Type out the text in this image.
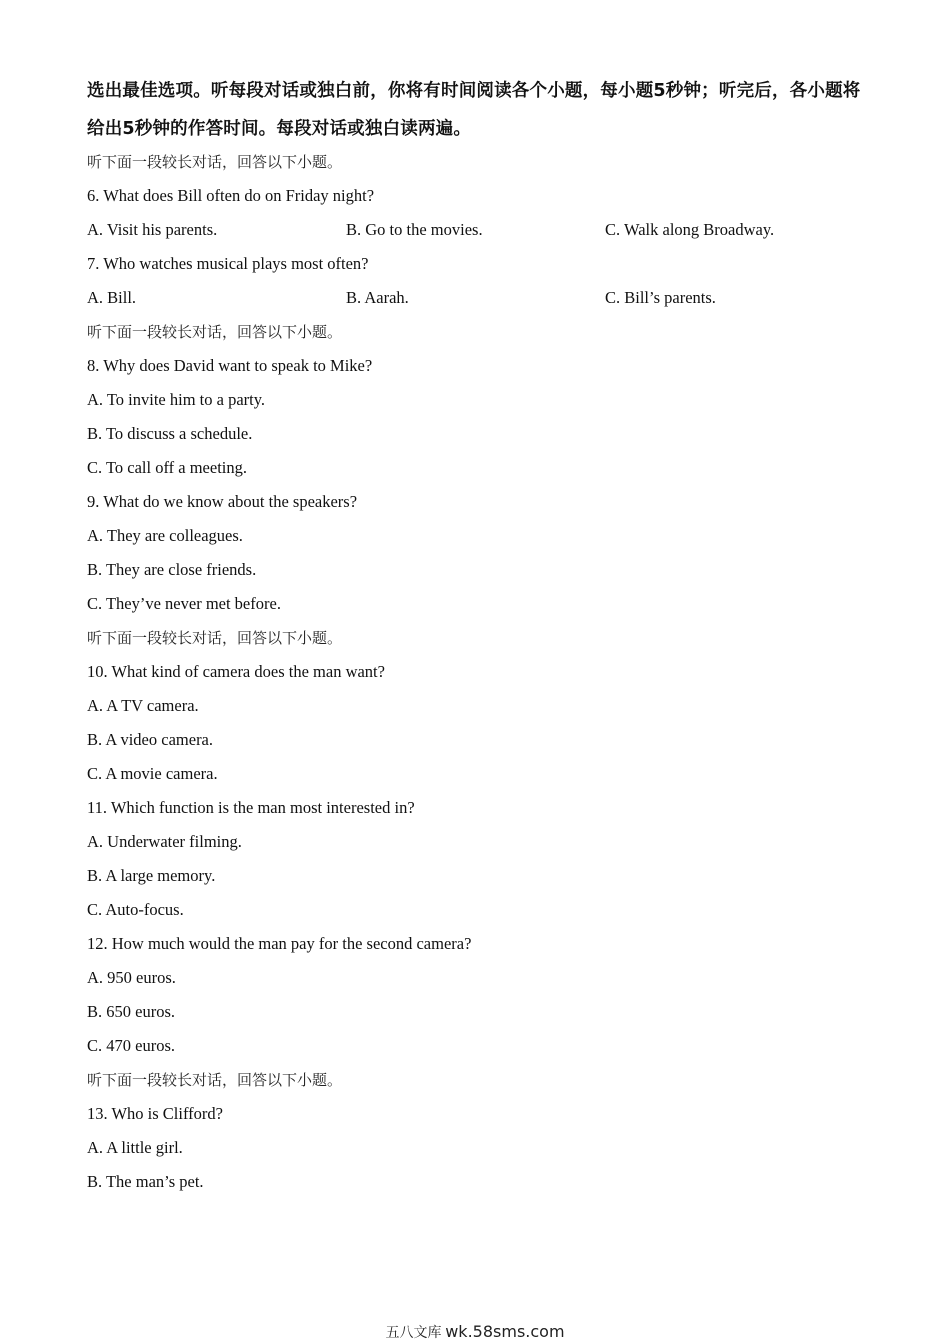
选出最佳选项。听每段对话或独白前，你将有时间阅读各个小题，每小题5秒钟；听完后，各小题将给出5秒钟的作答时间。每段对话或独白读两遍。

听下面一段较长对话，回答以下小题。
6. What does Bill often do on Friday night?
A. Visit his parents.	B. Go to the movies.	C. Walk along Broadway.
7. Who watches musical plays most often?
A. Bill.	B. Aarah.	C. Bill’s parents.
听下面一段较长对话，回答以下小题。
8. Why does David want to speak to Mike?
A. To invite him to a party.
B. To discuss a schedule.
C. To call off a meeting.
9. What do we know about the speakers?
A. They are colleagues.
B. They are close friends.
C. They’ve never met before.
听下面一段较长对话，回答以下小题。
10. What kind of camera does the man want?
A. A TV camera.
B. A video camera.
C. A movie camera.
11. Which function is the man most interested in?
A. Underwater filming.
B. A large memory.
C. Auto-focus.
12. How much would the man pay for the second camera?
A. 950 euros.
B. 650 euros.
C. 470 euros.
听下面一段较长对话，回答以下小题。
13. Who is Clifford?
A. A little girl.
B. The man’s pet.
五八文库 wk.58sms.com
